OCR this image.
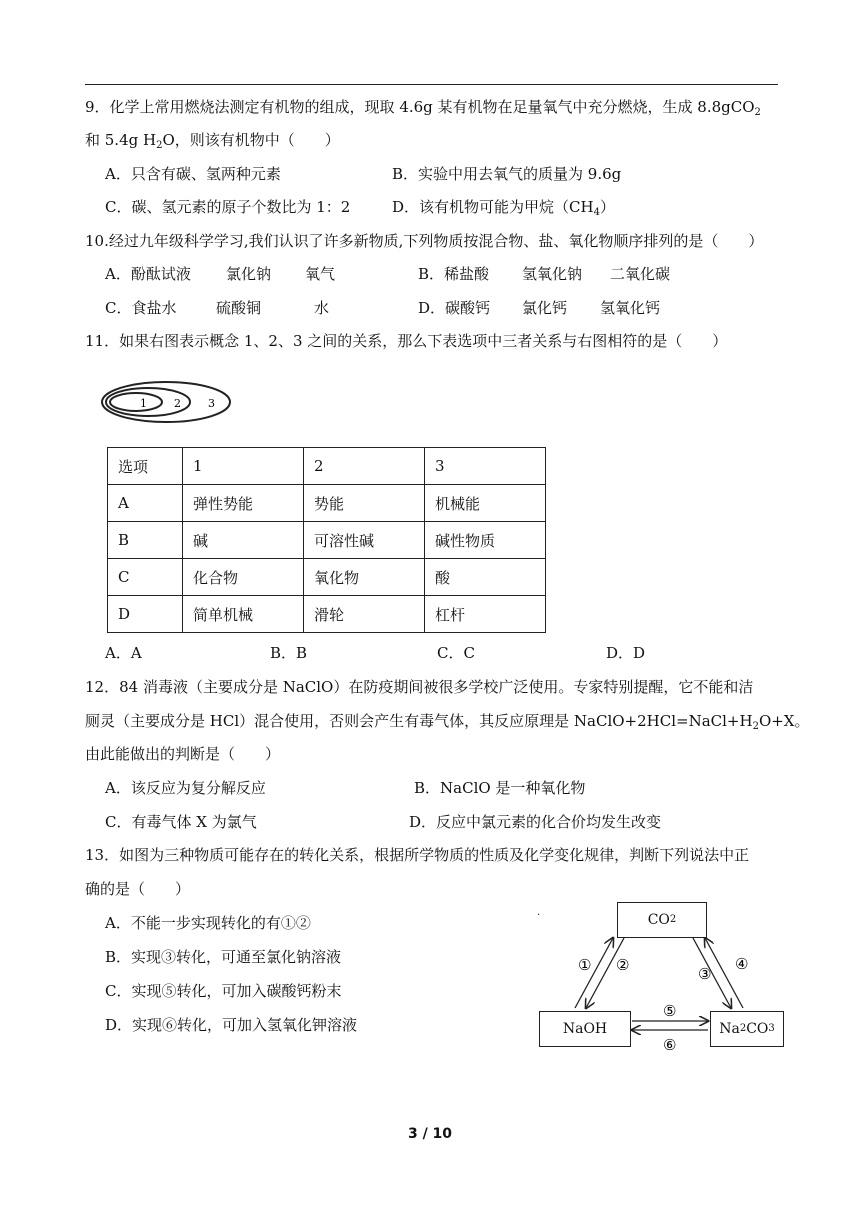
9．化学上常用燃烧法测定有机物的组成，现取 4.6g 某有机物在足量氧气中充分燃烧，生成 8.8gCO$_2$
和 5.4g $H_2O$，则该有机物中（　　）
A．只含有碳、氢两种元素	B．实验中用去氧气的质量为 9.6g
C．碳、氢元素的原子个数比为 1：2	D．该有机物可能为甲烷$(CH_4)$
10.经过九年级科学学习,我们认识了许多新物质,下列物质按混合物、盐、氧化物顺序排列的是（　　）
A．酚酞试液 氯化钠 氧气	B．稀盐酸 氢氧化钠 二氧化碳
C．食盐水	硫酸铜	水	D．碳酸钙 氯化钙 氢氧化钙
11．如果右图表示概念 1、2、3 之间的关系，那么下表选项中三者关系与右图相符的是（　　）
1 2 3
选项	1	2	3
A	弹性势能	势能	机械能
B	碱	可溶性碱	碱性物质
C	化合物	氧化物	酸
D	简单机械	滑轮	杠杆
A．A	B．B	C．C	D．D
12．84 消毒液（主要成分是 NaClO）在防疫期间被很多学校广泛使用。专家特别提醒，它不能和洁
厕灵（主要成分是 HCl）混合使用，否则会产生有毒气体，其反应原理是 $NaClO+2HCl=NaCl+H_2O+X$。
由此能做出的判断是（　　）
A．该反应为复分解反应	B．NaClO 是一种氧化物
C．有毒气体 X 为氯气	D．反应中氯元素的化合价均发生改变
13．如图为三种物质可能存在的转化关系，根据所学物质的性质及化学变化规律，判断下列说法中正
确的是（　　）
A．不能一步实现转化的有①②
B．实现③转化，可通至氯化钠溶液
C．实现⑤转化，可加入碳酸钙粉末
D．实现⑥转化，可加入氢氧化钾溶液
.
① ②	③
④
⑤
⑥
CO 2
NaOH	Na 2 CO 3
3 / 10
